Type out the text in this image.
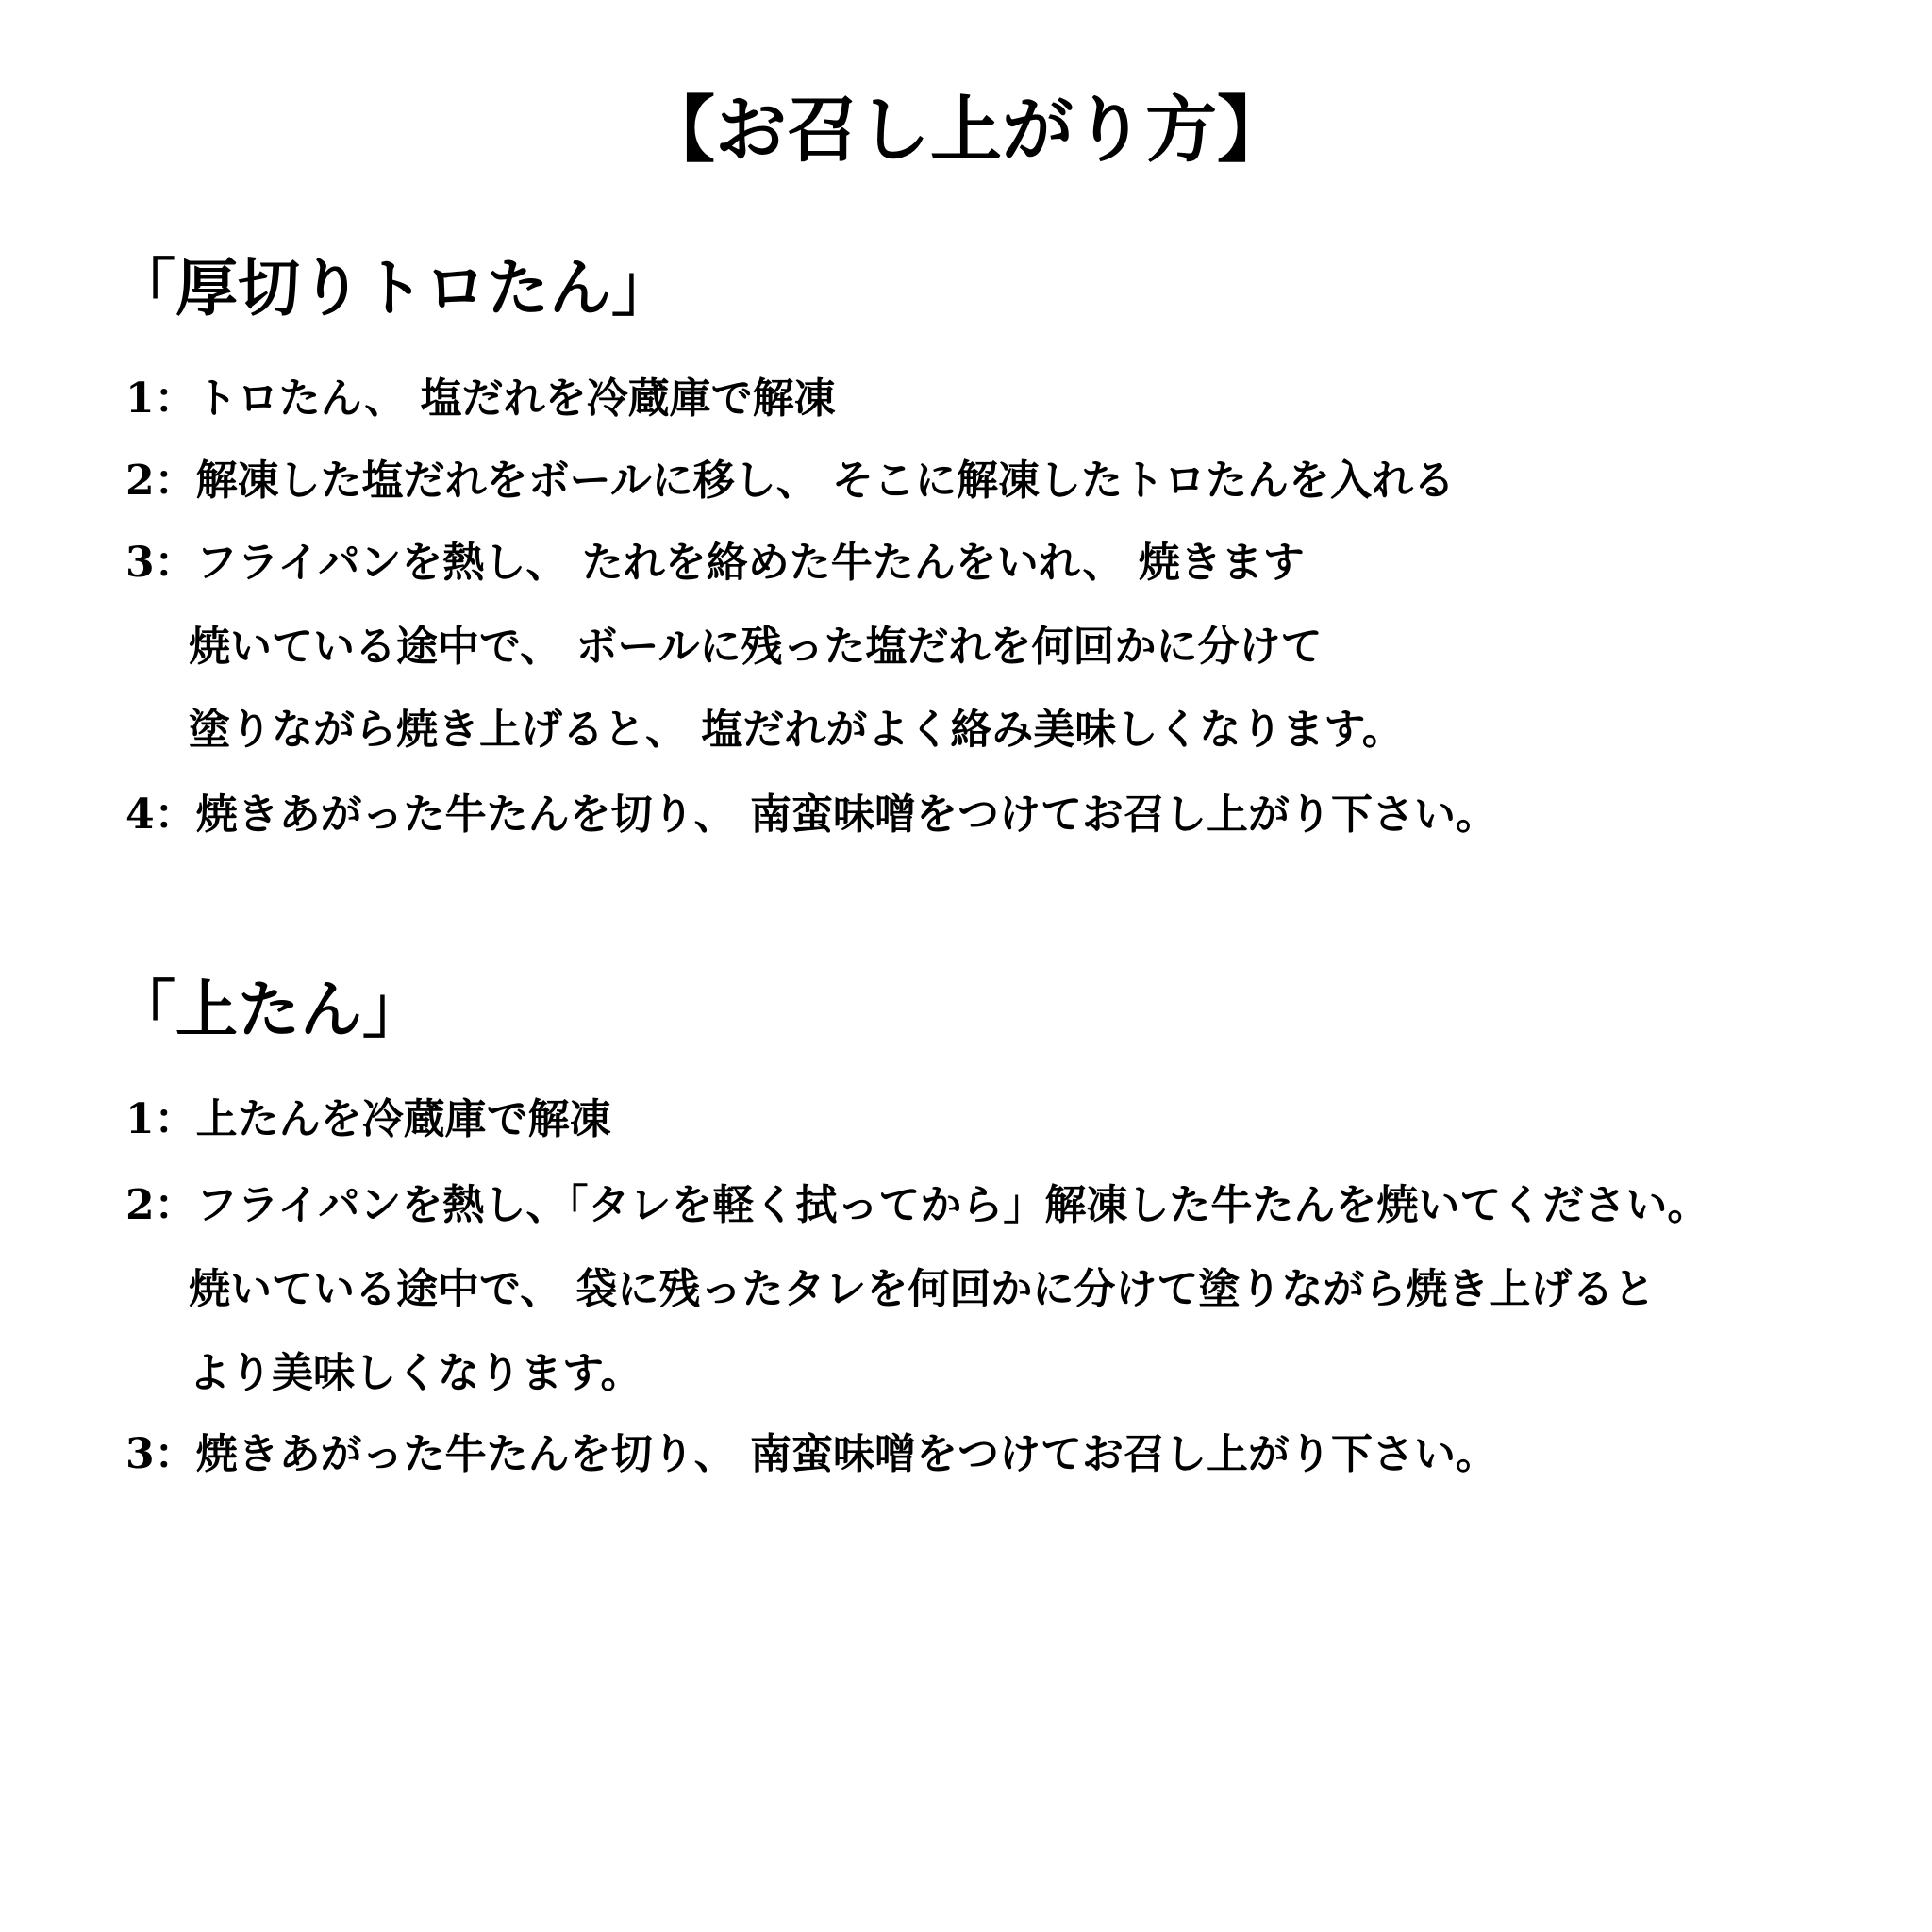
【お召し上がり方】
「厚切りトロたん」
1：トロたん、 塩だれを冷蔵庫で解凍
2：解凍した塩だれをボールに移し、 そこに解凍したトロたんを入れる
3：フライパンを熱し、 たれを絡めた牛たんをいれ、 焼きます
焼いている途中で、 ボールに残った塩だれを何回かに分けて
塗りながら焼き上げると、 塩だれがよく絡み美味しくなります。
4：焼きあがった牛たんを切り、 南蛮味噌をつけてお召し上がり下さい。
「上たん」
1：上たんを冷蔵庫で解凍
2：フライパンを熱し、「タレを軽く拭ってから」解凍した牛たんを焼いてください。
焼いている途中で、 袋に残ったタレを何回かに分けて塗りながら焼き上げると
より美味しくなります。
3：焼きあがった牛たんを切り、 南蛮味噌をつけてお召し上がり下さい。
